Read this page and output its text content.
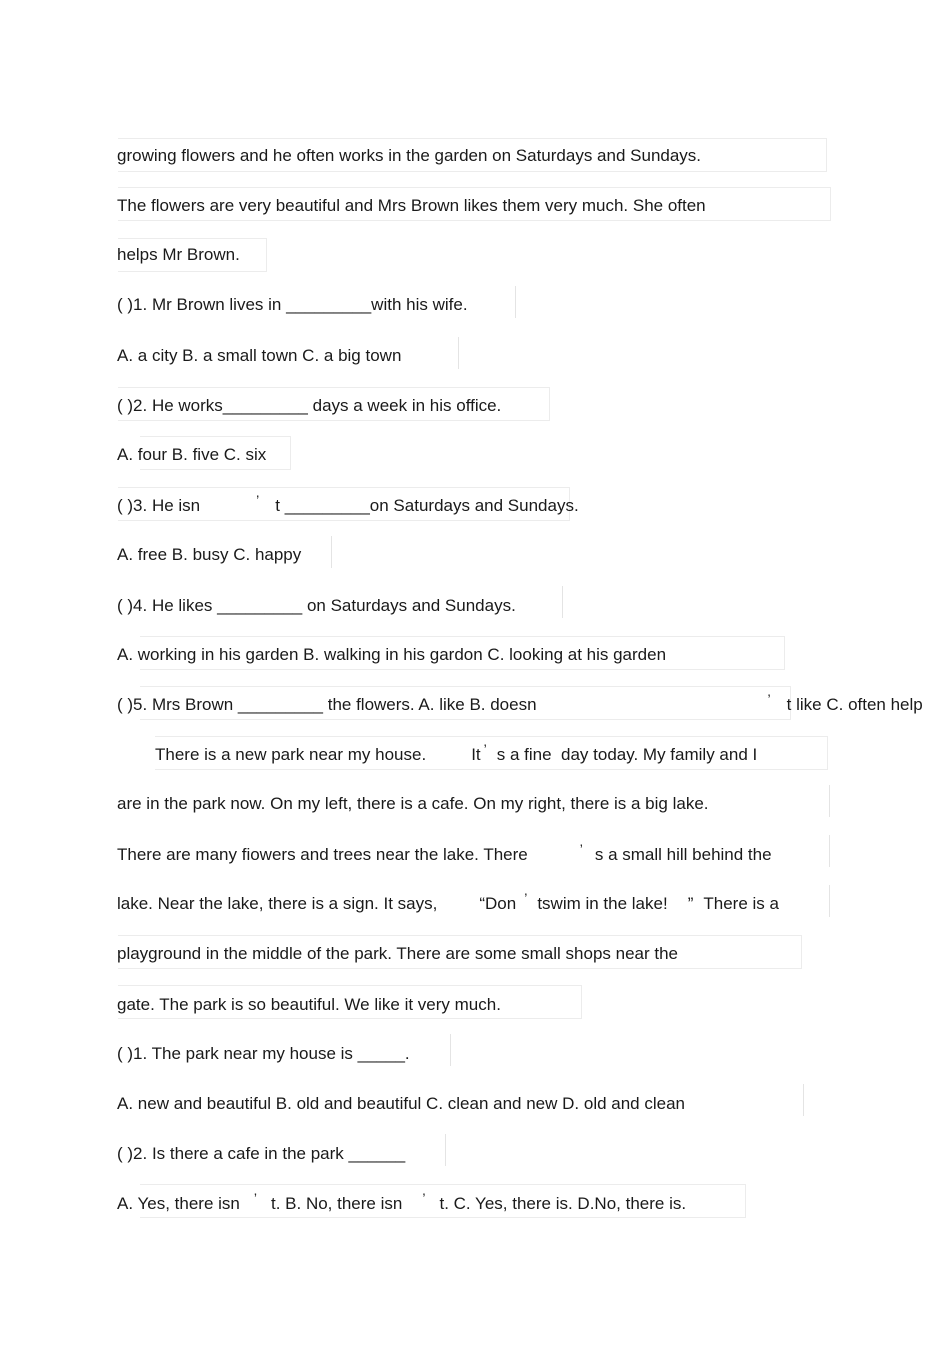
growing flowers and he often works in the garden on Saturdays and Sundays.
The flowers are very beautiful and Mrs Brown likes them very much. She often
helps Mr Brown.
( )1. Mr Brown lives in _________with his wife.
A. a city B. a small town C. a big town
( )2. He works_________ days a week in his office.
A. four B. five C. six
( )3. He isn	’ t _________on Saturdays and Sundays.
A. free B. busy C. happy
( )4. He likes _________ on Saturdays and Sundays.
A. working in his garden B. walking in his gardon C. looking at his garden
( )5. Mrs Brown _________ the flowers. A. like B. doesn	’ t like C. often help
There is a new park near my house.	It ’ s a fine  day today. My family and I
are in the park now. On my left, there is a cafe. On my right, there is a big lake.
There are many fiowers and trees near the lake. There	’ s a small hill behind the
lake. Near the lake, there is a sign. It says, “Don ’ tswim in the lake! ” There is a
playground in the middle of the park. There are some small shops near the
gate. The park is so beautiful. We like it very much.
( )1. The park near my house is _____.
A. new and beautiful B. old and beautiful C. clean and new D. old and clean
( )2. Is there a cafe in the park ______
A. Yes, there isn ’ t. B. No, there isn ’ t. C. Yes, there is. D.No, there is.
